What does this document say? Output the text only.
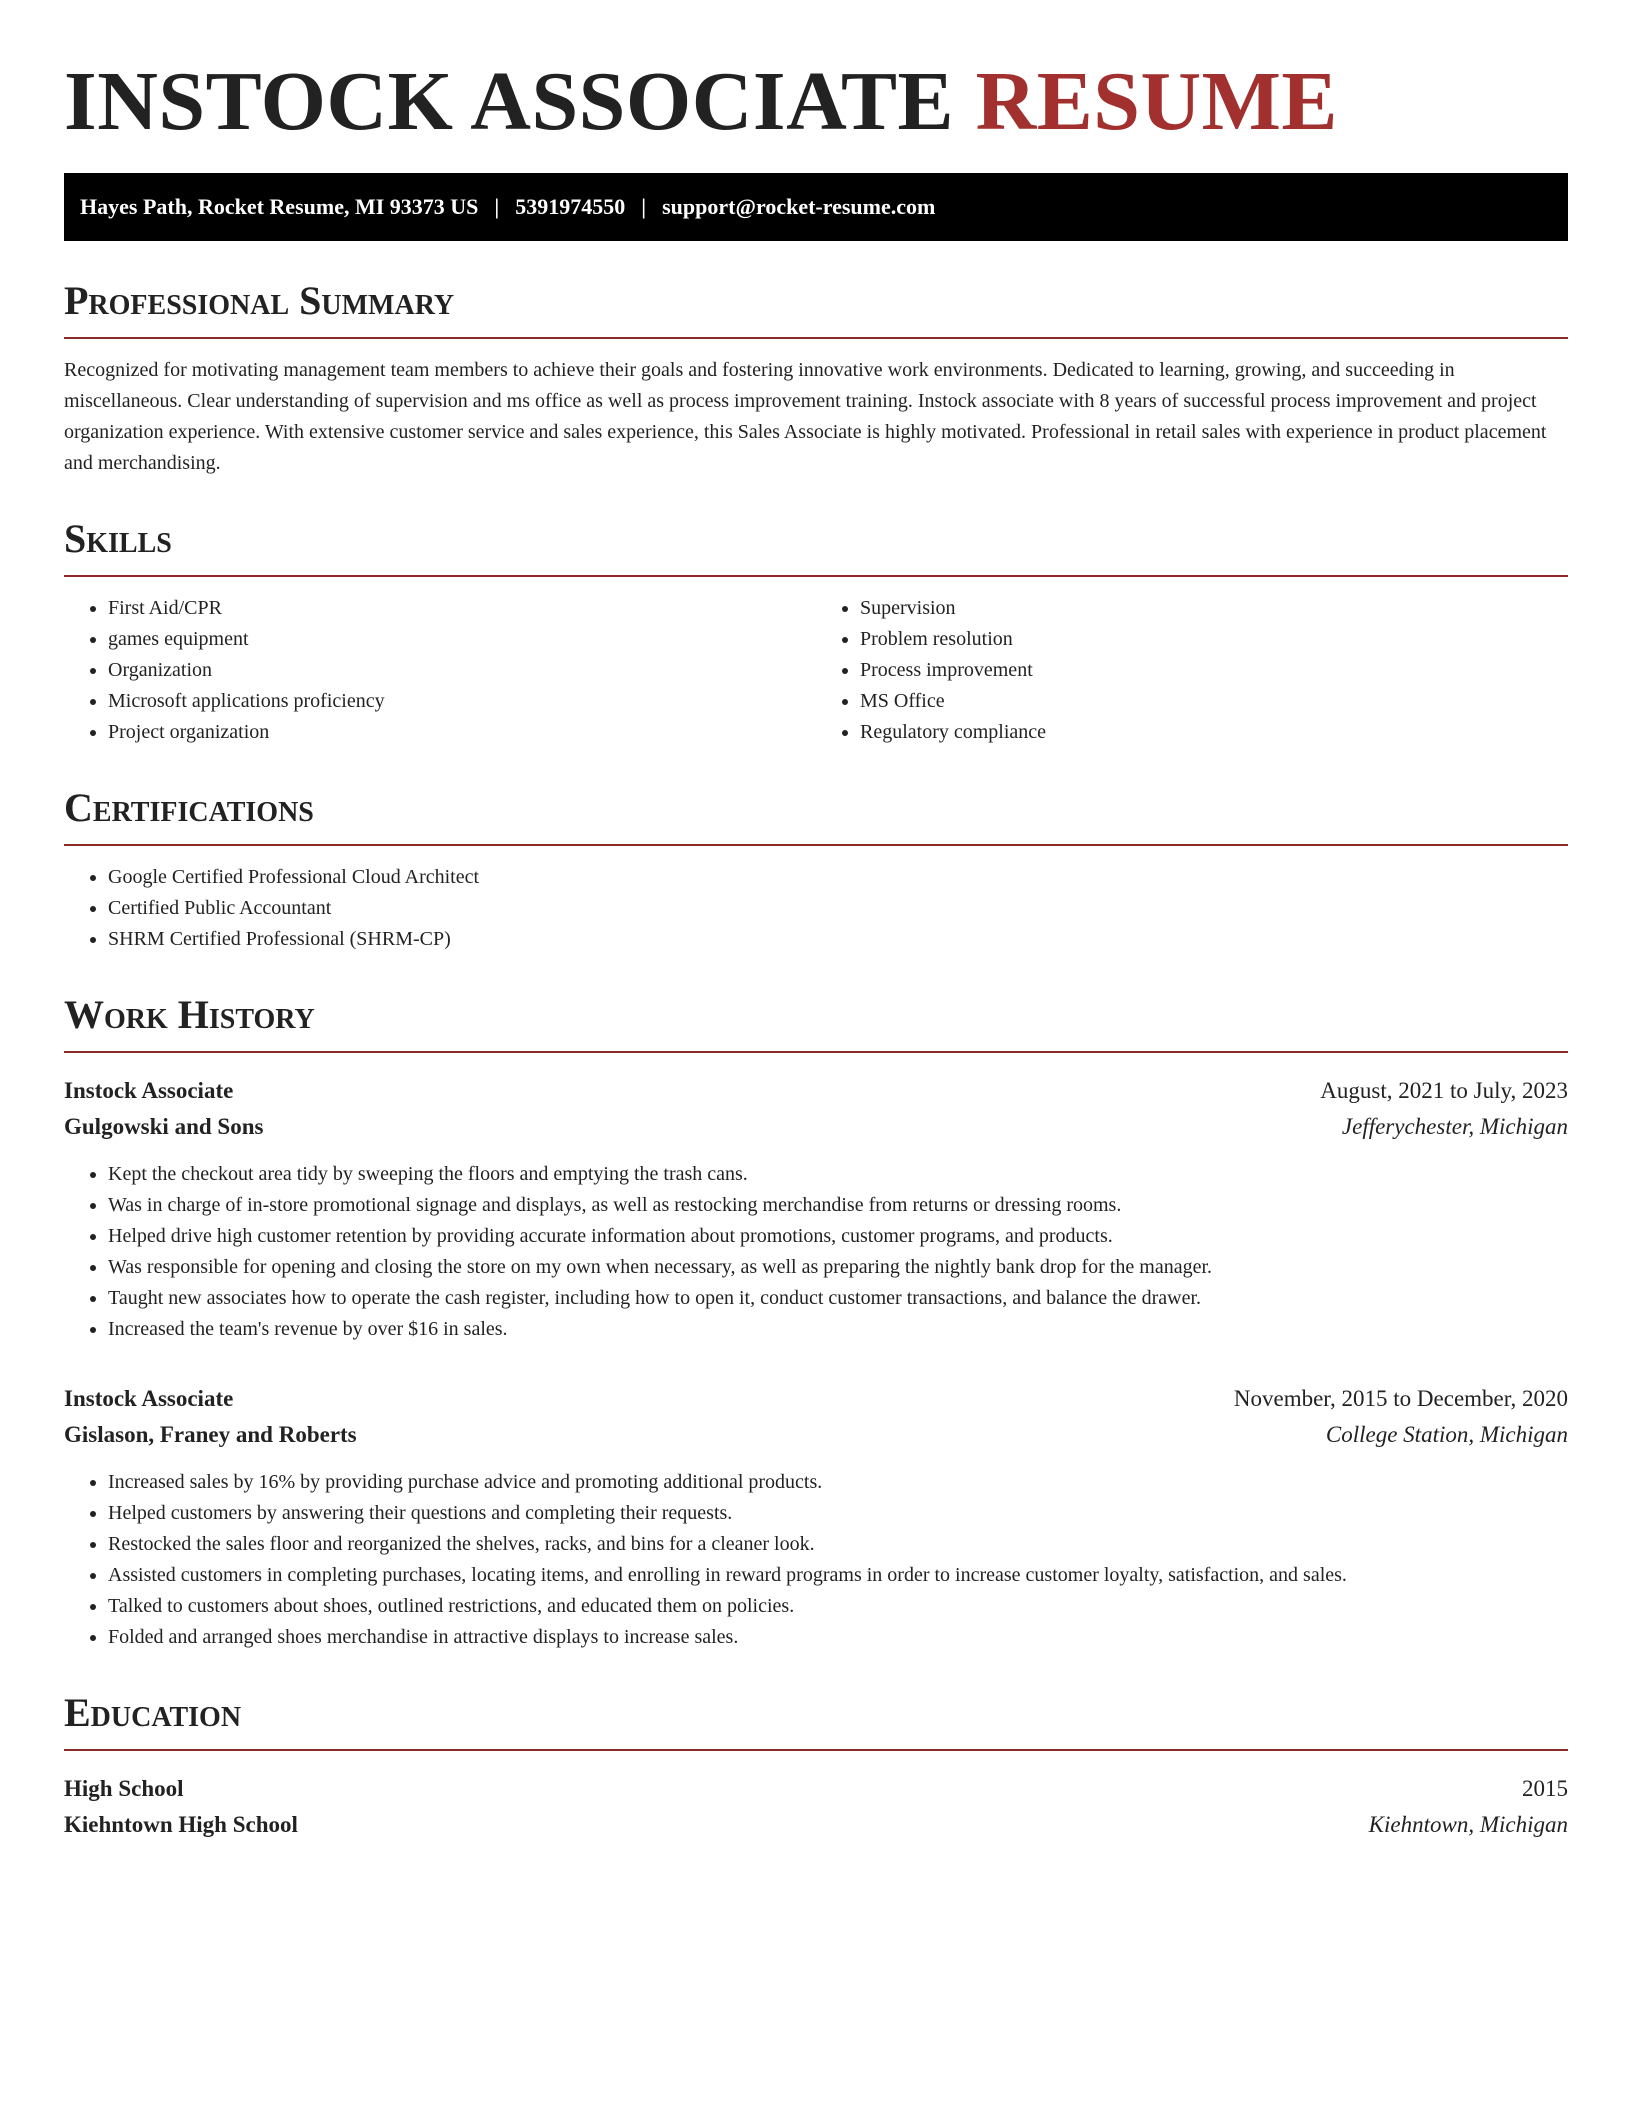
INSTOCK ASSOCIATE RESUME
Hayes Path, Rocket Resume, MI 93373 US | 5391974550 | support@rocket-resume.com
Professional Summary

Recognized for motivating management team members to achieve their goals and fostering innovative work environments. Dedicated to learning, growing, and succeeding in miscellaneous. Clear understanding of supervision and ms office as well as process improvement training. Instock associate with 8 years of successful process improvement and project organization experience. With extensive customer service and sales experience, this Sales Associate is highly motivated. Professional in retail sales with experience in product placement and merchandising.

Skills
• First Aid/CPR
• games equipment
• Organization
• Microsoft applications proficiency
• Project organization
• Supervision
• Problem resolution
• Process improvement
• MS Office
• Regulatory compliance
Certifications
• Google Certified Professional Cloud Architect
• Certified Public Accountant
• SHRM Certified Professional (SHRM-CP)
Work History
Instock Associate	August, 2021 to July, 2023
Gulgowski and Sons	Jefferychester, Michigan
• Kept the checkout area tidy by sweeping the floors and emptying the trash cans.
• Was in charge of in-store promotional signage and displays, as well as restocking merchandise from returns or dressing rooms.
• Helped drive high customer retention by providing accurate information about promotions, customer programs, and products.
• Was responsible for opening and closing the store on my own when necessary, as well as preparing the nightly bank drop for the manager.
• Taught new associates how to operate the cash register, including how to open it, conduct customer transactions, and balance the drawer.
• Increased the team's revenue by over $16 in sales.
Instock Associate	November, 2015 to December, 2020
Gislason, Franey and Roberts	College Station, Michigan
• Increased sales by 16% by providing purchase advice and promoting additional products.
• Helped customers by answering their questions and completing their requests.
• Restocked the sales floor and reorganized the shelves, racks, and bins for a cleaner look.
• Assisted customers in completing purchases, locating items, and enrolling in reward programs in order to increase customer loyalty, satisfaction, and sales.
• Talked to customers about shoes, outlined restrictions, and educated them on policies.
• Folded and arranged shoes merchandise in attractive displays to increase sales.
Education
High School	2015
Kiehntown High School	Kiehntown, Michigan
